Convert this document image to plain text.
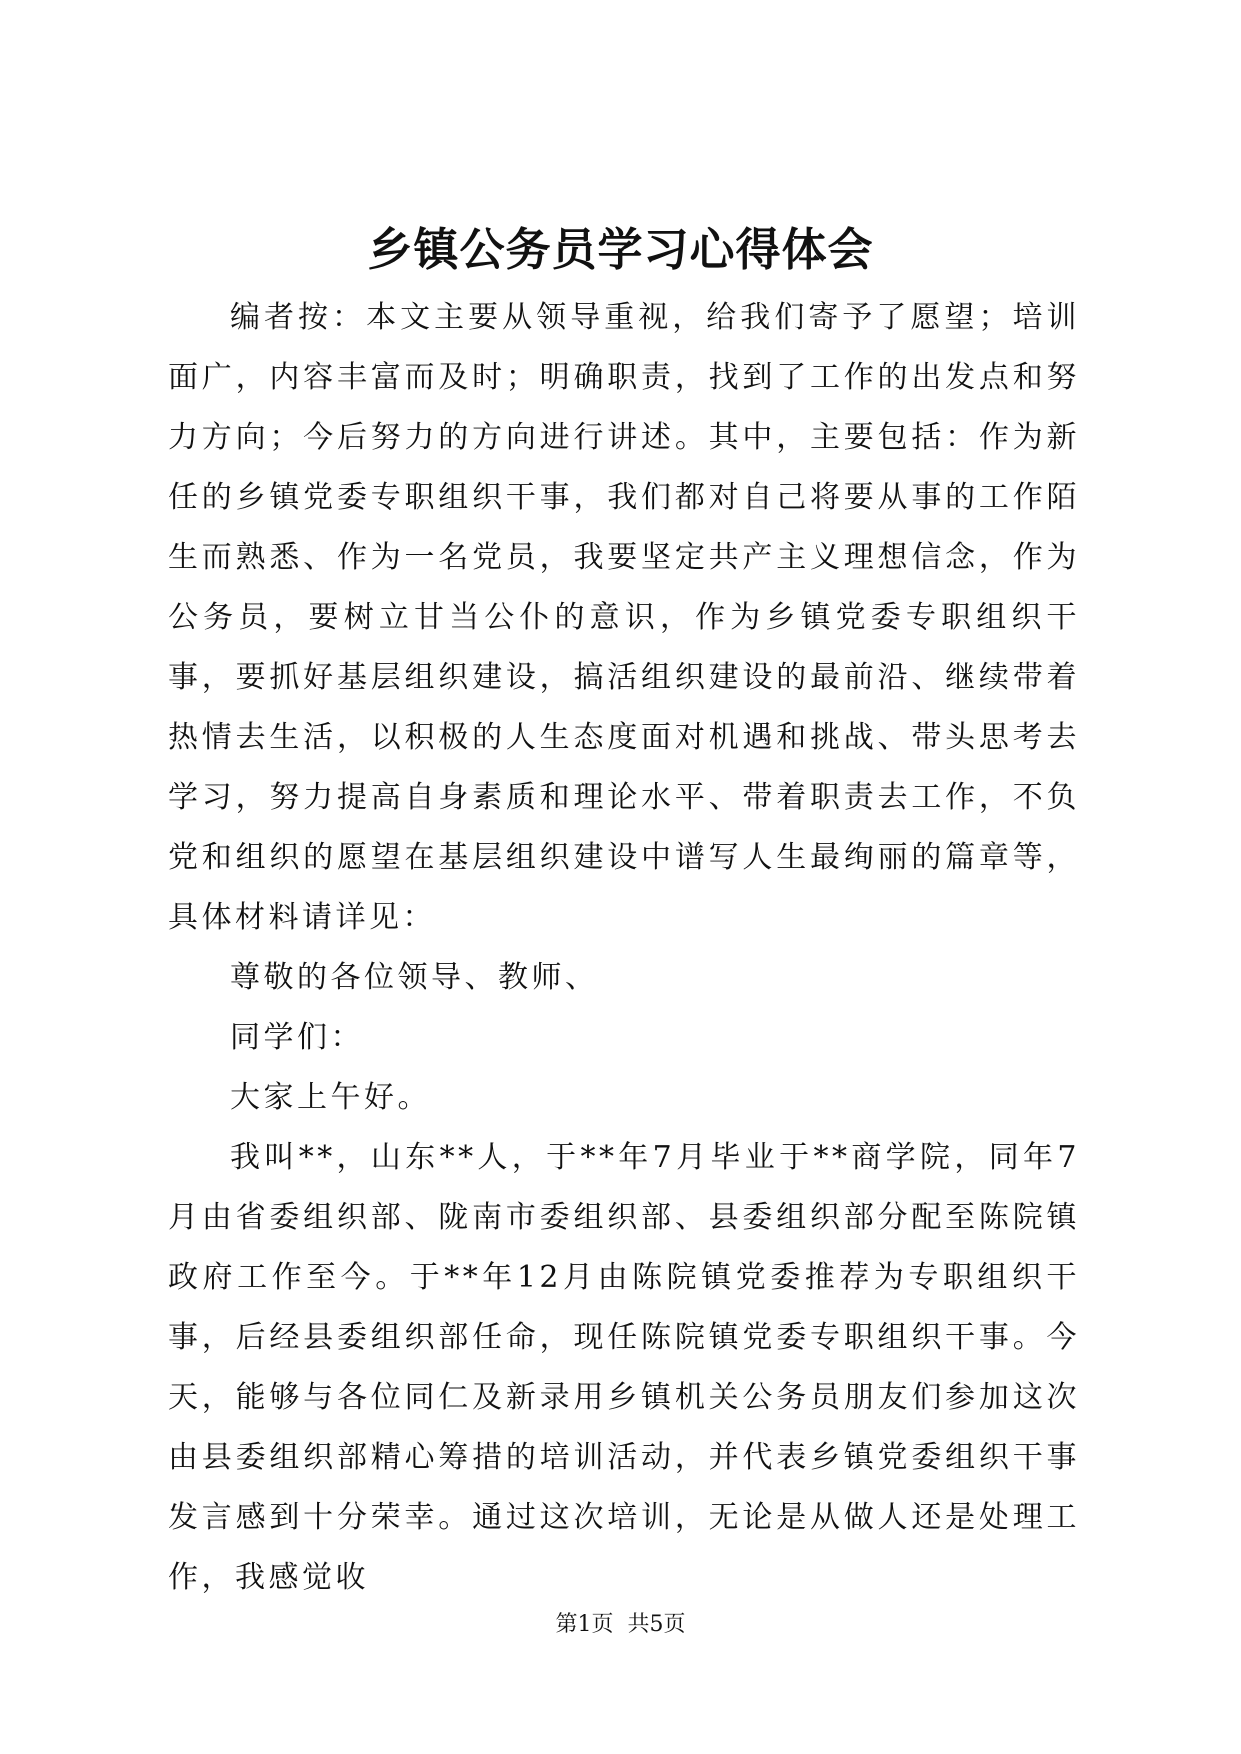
乡镇公务员学习心得体会

编者按：本文主要从领导重视，给我们寄予了愿望；培训面广，内容丰富而及时；明确职责，找到了工作的出发点和努力方向；今后努力的方向进行讲述。其中，主要包括：作为新任的乡镇党委专职组织干事，我们都对自己将要从事的工作陌生而熟悉、作为一名党员，我要坚定共产主义理想信念，作为公务员，要树立甘当公仆的意识，作为乡镇党委专职组织干事，要抓好基层组织建设，搞活组织建设的最前沿、继续带着热情去生活，以积极的人生态度面对机遇和挑战、带头思考去学习，努力提高自身素质和理论水平、带着职责去工作，不负党和组织的愿望在基层组织建设中谱写人生最绚丽的篇章等，具体材料请详见：

尊敬的各位领导、教师、

同学们：

大家上午好。

我叫**，山东**人，于**年7月毕业于**商学院，同年7月由省委组织部、陇南市委组织部、县委组织部分配至陈院镇政府工作至今。于**年12月由陈院镇党委推荐为专职组织干事，后经县委组织部任命，现任陈院镇党委专职组织干事。今天，能够与各位同仁及新录用乡镇机关公务员朋友们参加这次由县委组织部精心筹措的培训活动，并代表乡镇党委组织干事发言感到十分荣幸。通过这次培训，无论是从做人还是处理工作，我感觉收

第1页 共5页
